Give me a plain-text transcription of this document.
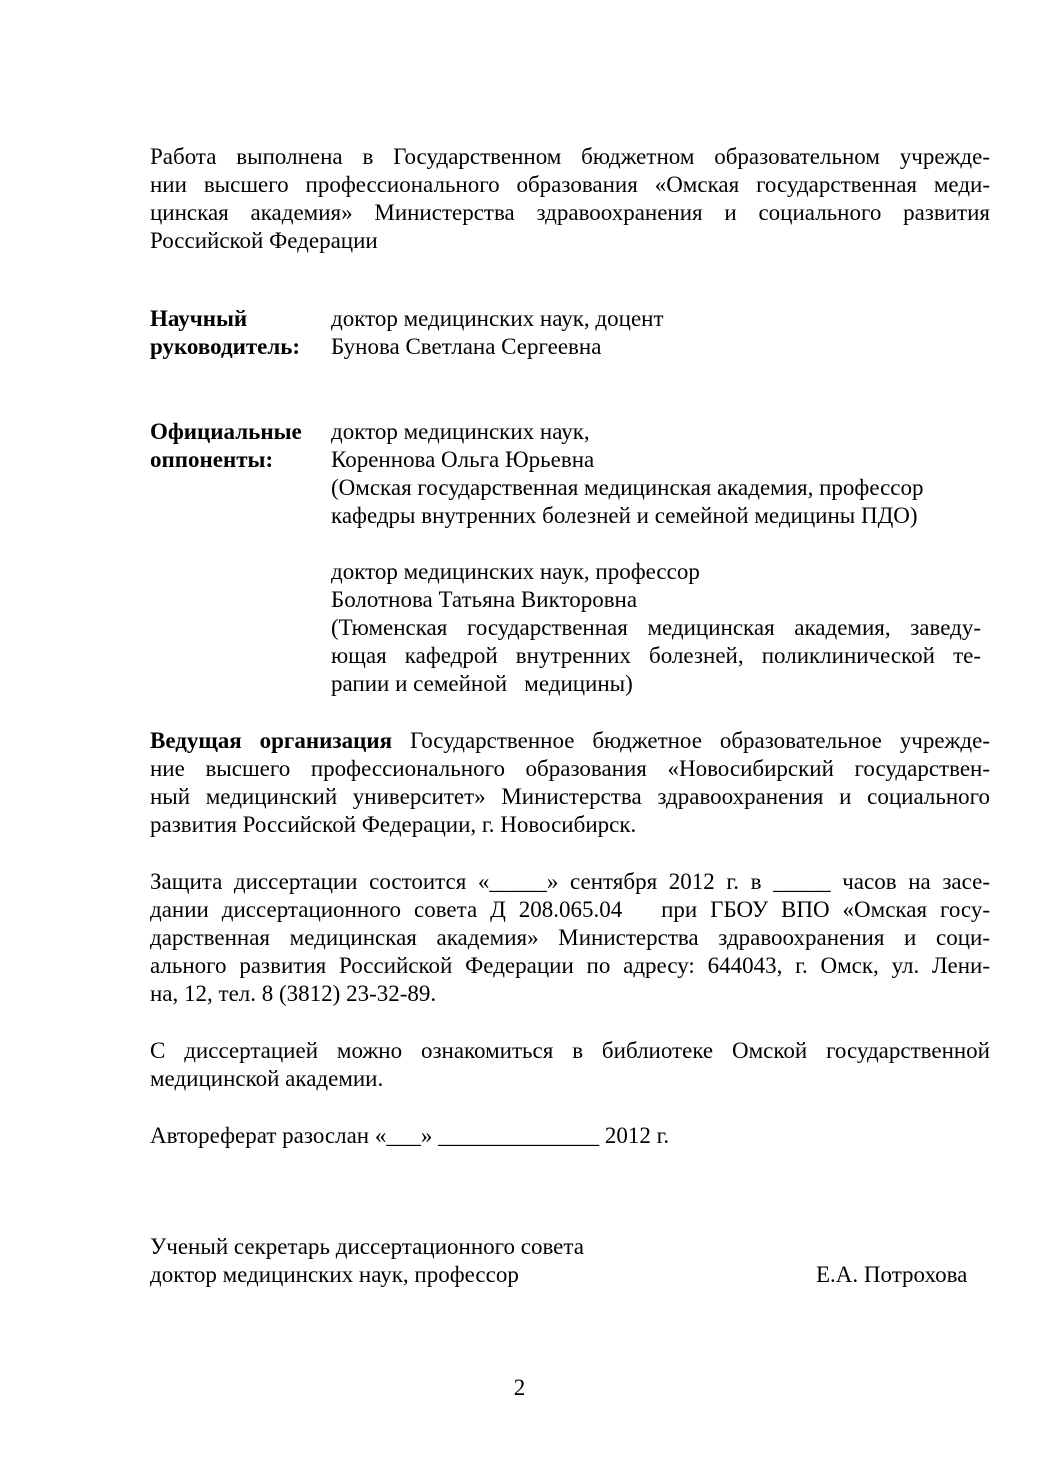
Работа выполнена в Государственном бюджетном образовательном учрежде-
нии высшего профессионального образования «Омская государственная меди-
цинская академия» Министерства здравоохранения и социального развития
Российской Федерации
Научный
руководитель:
доктор медицинских наук, доцент
Бунова Светлана Сергеевна
Официальные
оппоненты:
доктор медицинских наук,
Кореннова Ольга Юрьевна
(Омская государственная медицинская академия, профессор
кафедры внутренних болезней и семейной медицины ПДО)
доктор медицинских наук, профессор
Болотнова Татьяна Викторовна
(Тюменская государственная медицинская академия, заведу-
ющая кафедрой внутренних болезней, поликлинической те-
рапии и семейной   медицины)
Ведущая организация Государственное бюджетное образовательное учрежде-
ние высшего профессионального образования «Новосибирский государствен-
ный медицинский университет» Министерства здравоохранения и социального
развития Российской Федерации, г. Новосибирск.
Защита диссертации состоится «_____» сентября 2012 г. в _____ часов на засе-
дании диссертационного совета Д 208.065.04   при ГБОУ ВПО «Омская госу-
дарственная медицинская академия» Министерства здравоохранения и соци-
ального развития Российской Федерации по адресу: 644043, г. Омск, ул. Лени-
на, 12, тел. 8 (3812) 23-32-89.
С диссертацией можно ознакомиться в библиотеке Омской государственной
медицинской академии.
Автореферат разослан «___» ______________ 2012 г.
Ученый секретарь диссертационного совета
доктор медицинских наук, профессор	Е.А. Потрохова
2
